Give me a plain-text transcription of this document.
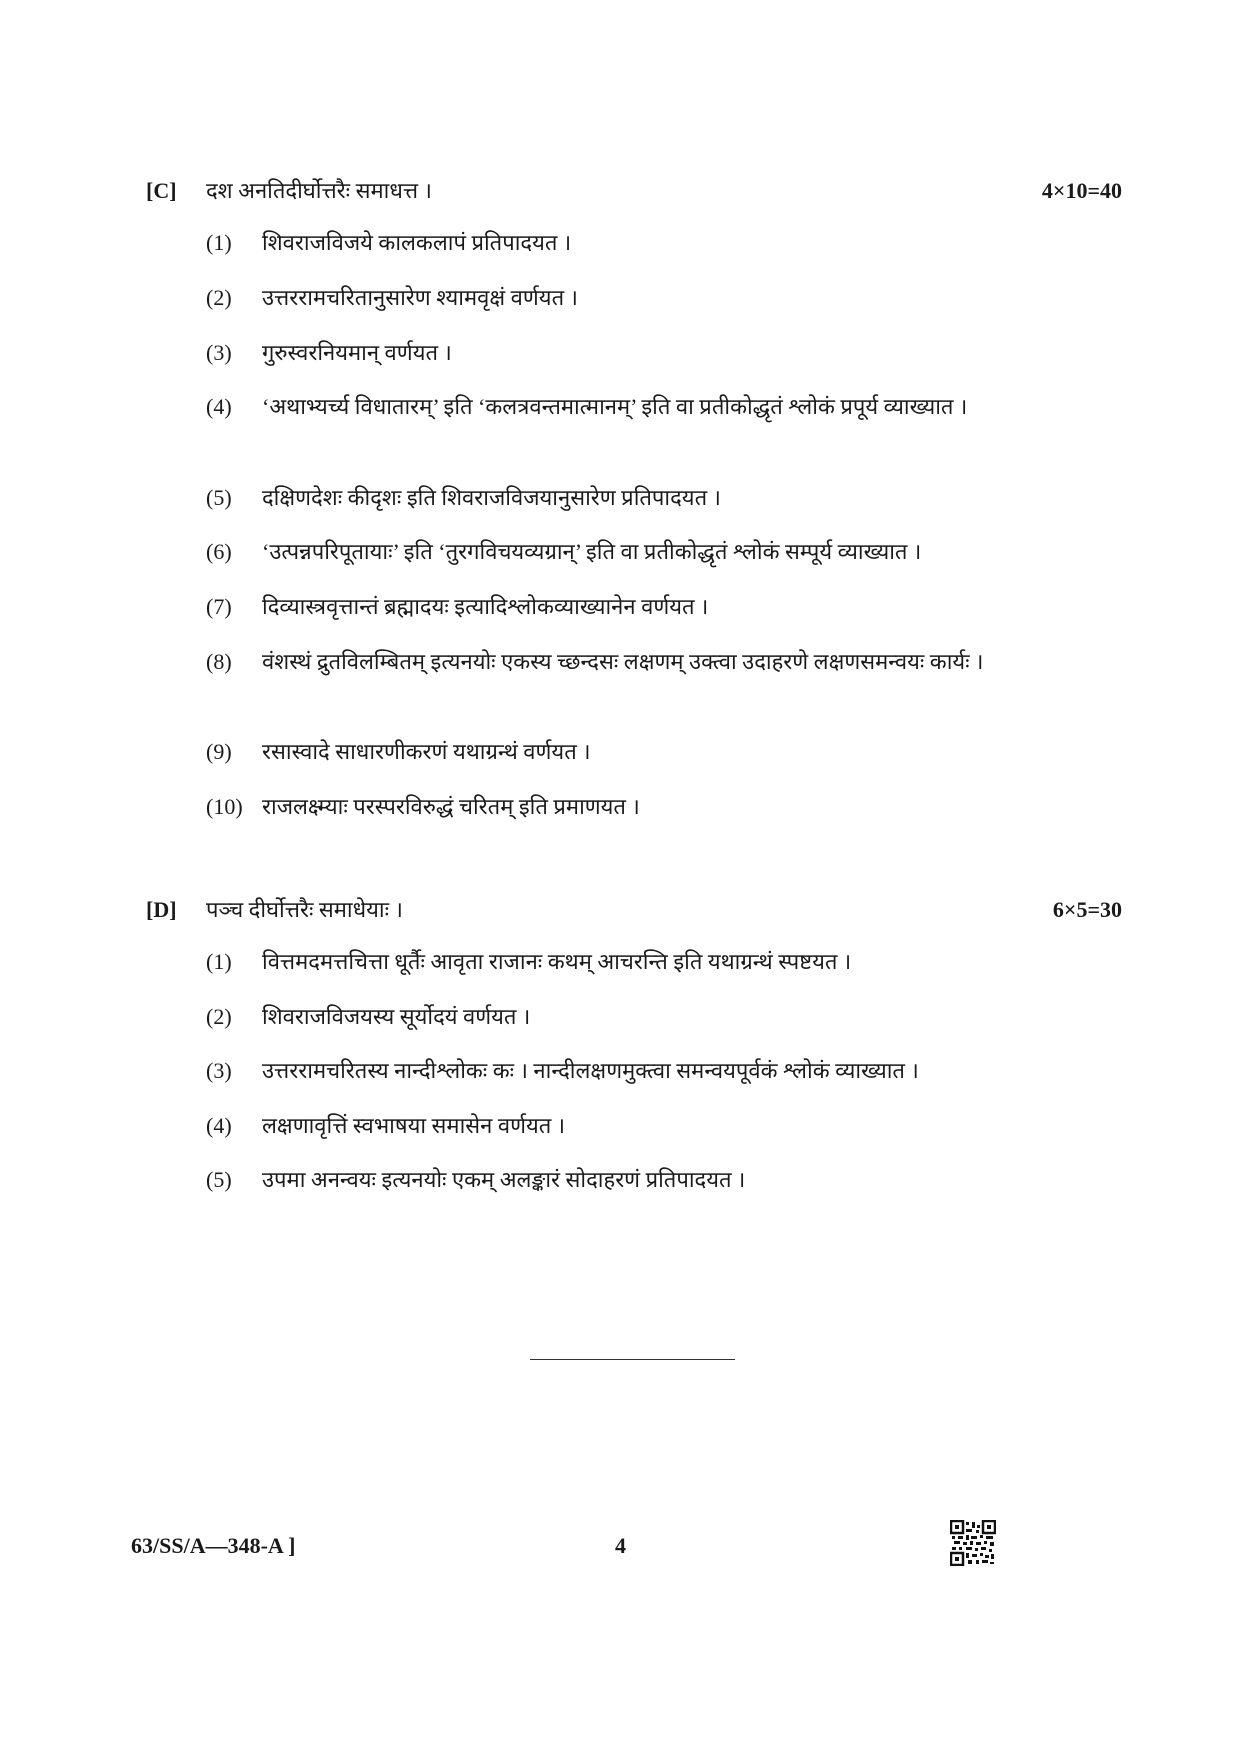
[C] दश अनतिदीर्घोत्तरैः समाधत्त ।	4×10=40
(1)	शिवराजविजये कालकलापं प्रतिपादयत ।
(2)	उत्तररामचरितानुसारेण श्यामवृक्षं वर्णयत ।
(3)	गुरुस्वरनियमान् वर्णयत ।
(4)	‘अथाभ्यर्च्य विधातारम्’ इति ‘कलत्रवन्तमात्मानम्’ इति वा प्रतीकोद्धृतं श्लोकं प्रपूर्य व्याख्यात ।
(5)	दक्षिणदेशः कीदृशः इति शिवराजविजयानुसारेण प्रतिपादयत ।
(6)	‘उत्पन्नपरिपूतायाः’ इति ‘तुरगविचयव्यग्रान्’ इति वा प्रतीकोद्धृतं श्लोकं सम्पूर्य व्याख्यात ।
(7)	दिव्यास्त्रवृत्तान्तं ब्रह्मादयः इत्यादिश्लोकव्याख्यानेन वर्णयत ।
(8)	वंशस्थं द्रुतविलम्बितम् इत्यनयोः एकस्य च्छन्दसः लक्षणम् उक्त्वा उदाहरणे लक्षणसमन्वयः कार्यः ।
(9)	रसास्वादे साधारणीकरणं यथाग्रन्थं वर्णयत ।
(10) राजलक्ष्म्याः परस्परविरुद्धं चरितम् इति प्रमाणयत ।
[D] पञ्च दीर्घोत्तरैः समाधेयाः ।	6×5=30
(1)	वित्तमदमत्तचित्ता धूर्तैः आवृता राजानः कथम् आचरन्ति इति यथाग्रन्थं स्पष्टयत ।
(2)	शिवराजविजयस्य सूर्योदयं वर्णयत ।
(3)	उत्तररामचरितस्य नान्दीश्लोकः कः । नान्दीलक्षणमुक्त्वा समन्वयपूर्वकं श्लोकं व्याख्यात ।
(4)	लक्षणावृत्तिं स्वभाषया समासेन वर्णयत ।
(5)	उपमा अनन्वयः इत्यनयोः एकम् अलङ्कारं सोदाहरणं प्रतिपादयत ।
63/SS/A—348-A ]	4
